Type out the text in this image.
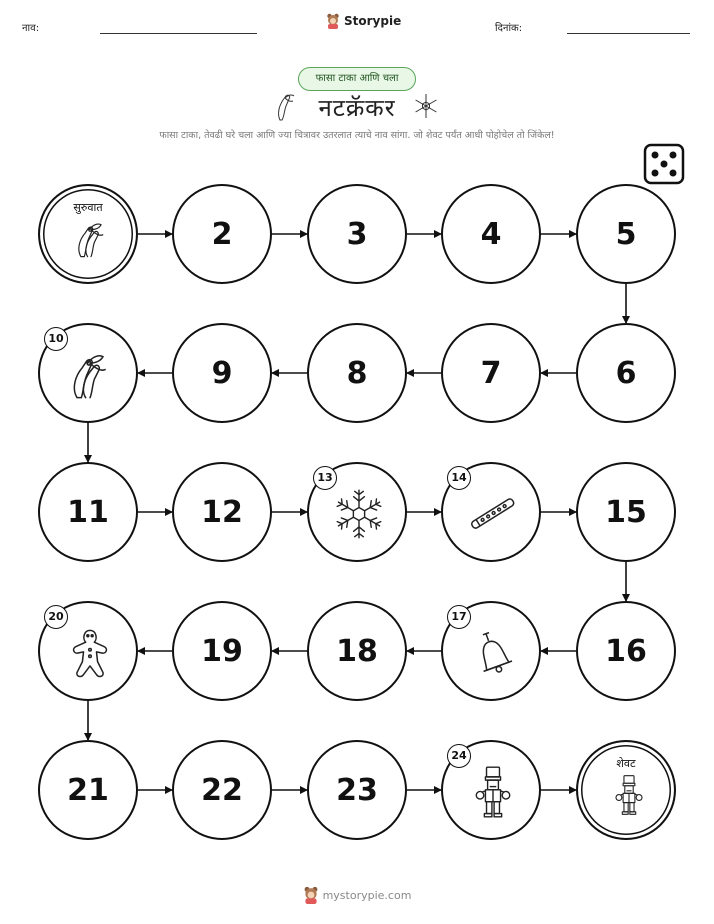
नाव:
Storypie
दिनांक:
फासा टाका आणि चला
नटक्रॅकर
फासा टाका, तेवढी घरे चला आणि ज्या चित्रावर उतरलात त्याचे नाव सांगा. जो शेवट पर्यंत आधी पोहोचेल तो जिंकेल!
सुरुवात
2	3	4	5
6
7
8
9
10
11	12
13	14
15
16
17
18
19
20
21	22	23
24
शेवट
mystorypie.com
